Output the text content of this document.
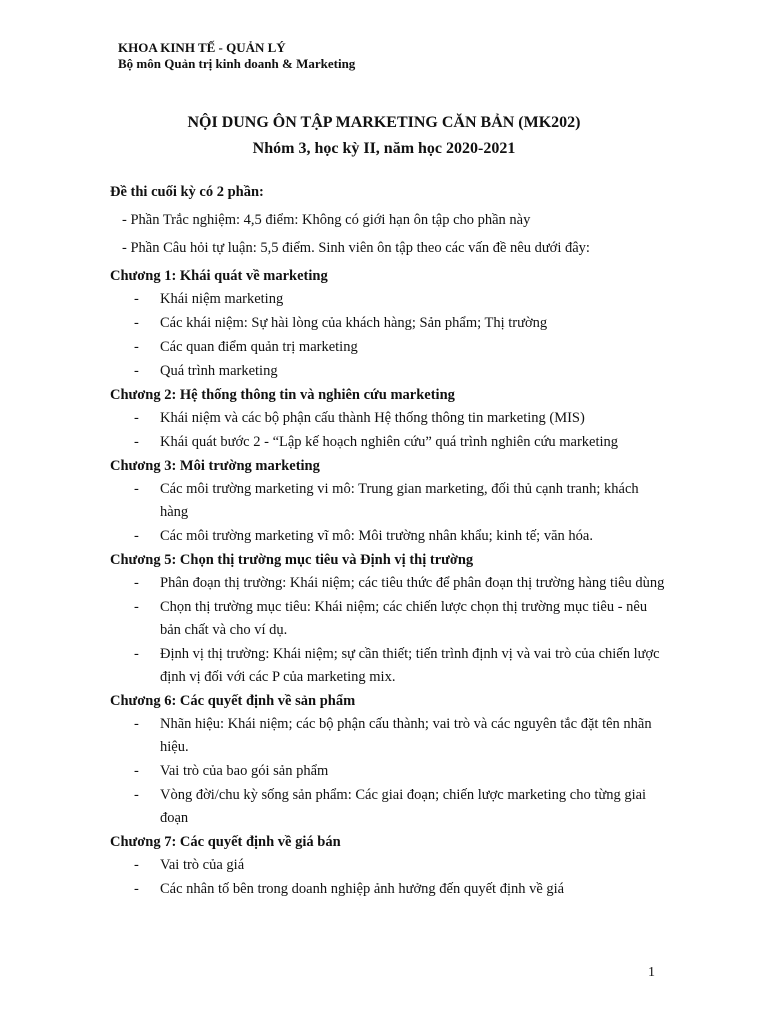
KHOA KINH TẾ - QUẢN LÝ
Bộ môn Quản trị kinh doanh & Marketing
NỘI DUNG ÔN TẬP MARKETING CĂN BẢN (MK202)
Nhóm 3, học kỳ II, năm học 2020-2021

Đề thi cuối kỳ có 2 phần:

- Phần Trắc nghiệm: 4,5 điểm: Không có giới hạn ôn tập cho phần này

- Phần Câu hỏi tự luận: 5,5 điểm. Sinh viên ôn tập theo các vấn đề nêu dưới đây:

Chương 1: Khái quát về marketing

- Khái niệm marketing
- Các khái niệm: Sự hài lòng của khách hàng; Sản phẩm; Thị trường
- Các quan điểm quản trị marketing
- Quá trình marketing

Chương 2: Hệ thống thông tin và nghiên cứu marketing

- Khái niệm và các bộ phận cấu thành Hệ thống thông tin marketing (MIS)
- Khái quát bước 2 - “Lập kế hoạch nghiên cứu” quá trình nghiên cứu marketing

Chương 3: Môi trường marketing

- Các môi trường marketing vi mô: Trung gian marketing, đối thủ cạnh tranh; khách hàng
- Các môi trường marketing vĩ mô: Môi trường nhân khẩu; kinh tế; văn hóa.

Chương 5: Chọn thị trường mục tiêu và Định vị thị trường

- Phân đoạn thị trường: Khái niệm; các tiêu thức để phân đoạn thị trường hàng tiêu dùng
- Chọn thị trường mục tiêu: Khái niệm; các chiến lược chọn thị trường mục tiêu - nêu bản chất và cho ví dụ.
- Định vị thị trường: Khái niệm; sự cần thiết; tiến trình định vị và vai trò của chiến lược định vị đối với các P của marketing mix.

Chương 6: Các quyết định về sản phẩm

- Nhãn hiệu: Khái niệm; các bộ phận cấu thành; vai trò và các nguyên tắc đặt tên nhãn hiệu.
- Vai trò của bao gói sản phẩm
- Vòng đời/chu kỳ sống sản phẩm: Các giai đoạn; chiến lược marketing cho từng giai đoạn

Chương 7: Các quyết định về giá bán

- Vai trò của giá
- Các nhân tố bên trong doanh nghiệp ảnh hưởng đến quyết định về giá
1
